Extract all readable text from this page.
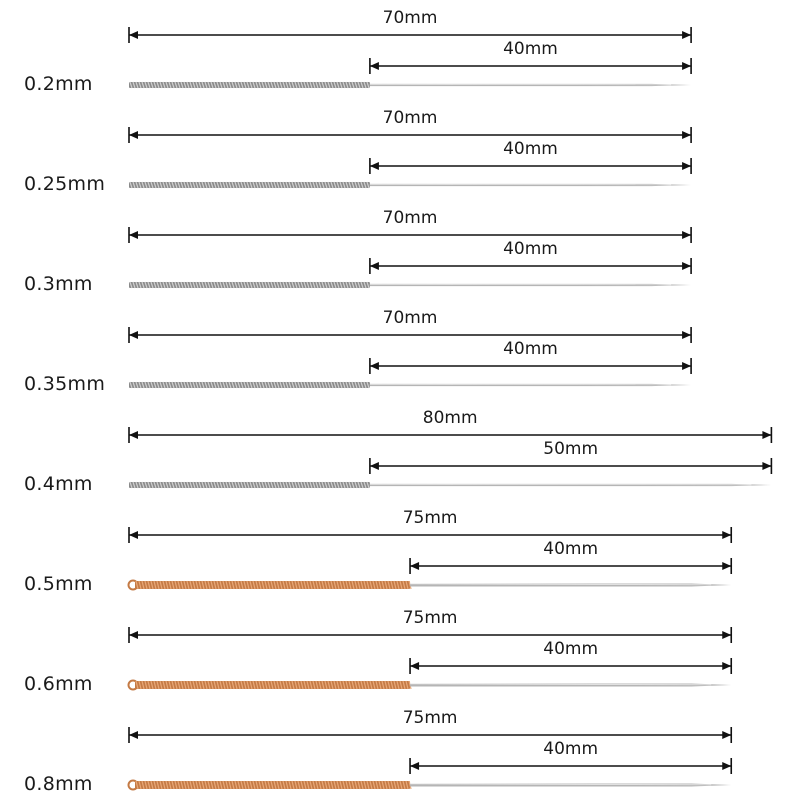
70mm
40mm
0.2mm
70mm
40mm
0.25mm
70mm
40mm
0.3mm
70mm
40mm
0.35mm
80mm
50mm
0.4mm
75mm
40mm
0.5mm
75mm
40mm
0.6mm
75mm
40mm
0.8mm
